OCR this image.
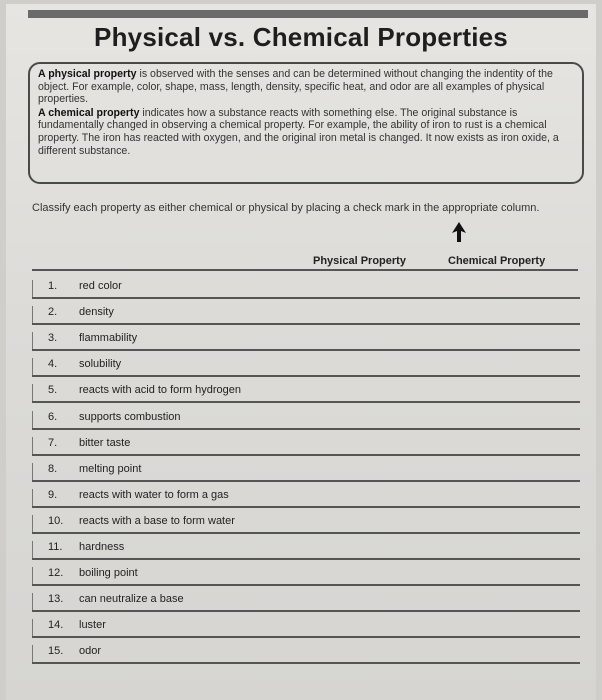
Physical vs. Chemical Properties

A physical property is observed with the senses and can be determined without changing the indentity of the object. For example, color, shape, mass, length, density, specific heat, and odor are all examples of physical properties.

A chemical property indicates how a substance reacts with something else. The original substance is fundamentally changed in observing a chemical property. For example, the ability of iron to rust is a chemical property. The iron has reacted with oxygen, and the original iron metal is changed. It now exists as iron oxide, a different substance.

Classify each property as either chemical or physical by placing a check mark in the appropriate column.
Physical Property	Chemical Property
1.	red color
2.	density
3.	flammability
4.	solubility
5.	reacts with acid to form hydrogen
6.	supports combustion
7.	bitter taste
8.	melting point
9.	reacts with water to form a gas
10.	reacts with a base to form water
11.	hardness
12.	boiling point
13.	can neutralize a base
14.	luster
15.	odor
